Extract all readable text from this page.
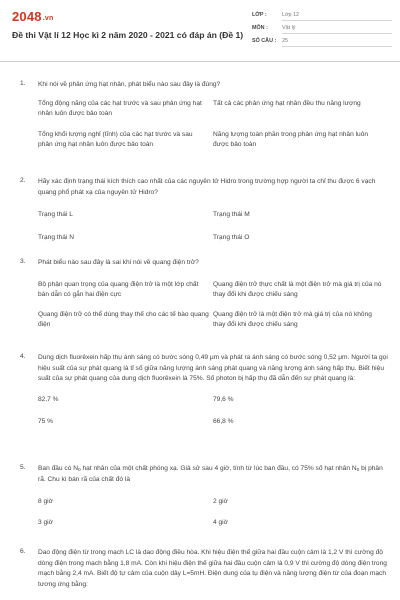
2048.vn
Đề thi Vật lí 12 Học kì 2 năm 2020 - 2021 có đáp án (Đề 1)
LỚP :	Lớp 12
MÔN :	Vật lý
SỐ CÂU :	25
1. Khi nói về phản ứng hạt nhân, phát biểu nào sau đây là đúng?
Tổng động năng của các hạt trước và sau phản ứng hạt nhân luôn được bảo toàn
Tất cả các phản ứng hạt nhân đều thu năng lượng
Tổng khối lượng nghỉ (tĩnh) của các hạt trước và sau phản ứng hạt nhân luôn được bảo toàn
Năng lượng toàn phần trong phản ứng hạt nhân luôn được bảo toàn
2. Hãy xác định trạng thái kích thích cao nhất của các nguyên tử Hidro trong trường hợp người ta chỉ thu được 6 vạch quang phổ phát xạ của nguyên tử Hidro?
Trạng thái L	Trạng thái M
Trạng thái N	Trạng thái O
3. Phát biểu nào sau đây là sai khi nói về quang điện trở?
Bộ phận quan trọng của quang điện trở là một lớp chất bán dẫn có gắn hai điện cực
Quang điện trở thực chất là một điện trở mà giá trị của nó thay đổi khi được chiếu sáng
Quang điện trở có thể dùng thay thế cho các tế bào quang điện
Quang điện trở là một điện trở mà giá trị của nó không thay đổi khi được chiếu sáng
4. Dung dịch fluorêxein hấp thụ ánh sáng có bước sóng 0,49 μm và phát ra ánh sáng có bước sóng 0,52 μm. Người ta gọi hiệu suất của sự phát quang là tỉ số giữa năng lượng ánh sáng phát quang và năng lượng ánh sáng hấp thụ. Biết hiệu suất của sự phát quang của dung dịch fluorêxein là 75%. Số photon bị hấp thụ đã dẫn đến sự phát quang là:
82,7 %	79,6 %
75 %	66,8 %
5. Ban đầu có $N_0$ hạt nhân của một chất phóng xạ. Giả sử sau 4 giờ, tính từ lúc ban đầu, có 75% số hạt nhân $N_0$ bị phân rã. Chu kì bán rã của chất đó là
8 giờ	2 giờ
3 giờ	4 giờ
6. Dao động điện từ trong mạch LC là dao động điều hòa. Khi hiệu điện thế giữa hai đầu cuộn cảm là 1,2 V thì cường độ dòng điện trong mạch bằng 1,8 mA. Còn khi hiệu điện thế giữa hai đầu cuộn cảm là 0,9 V thì cường độ dòng điện trong mạch bằng 2,4 mA. Biết độ tự cảm của cuộn dây L=5mH. Điện dung của tụ điện và năng lượng điện từ của đoạn mạch tương ứng bằng:
